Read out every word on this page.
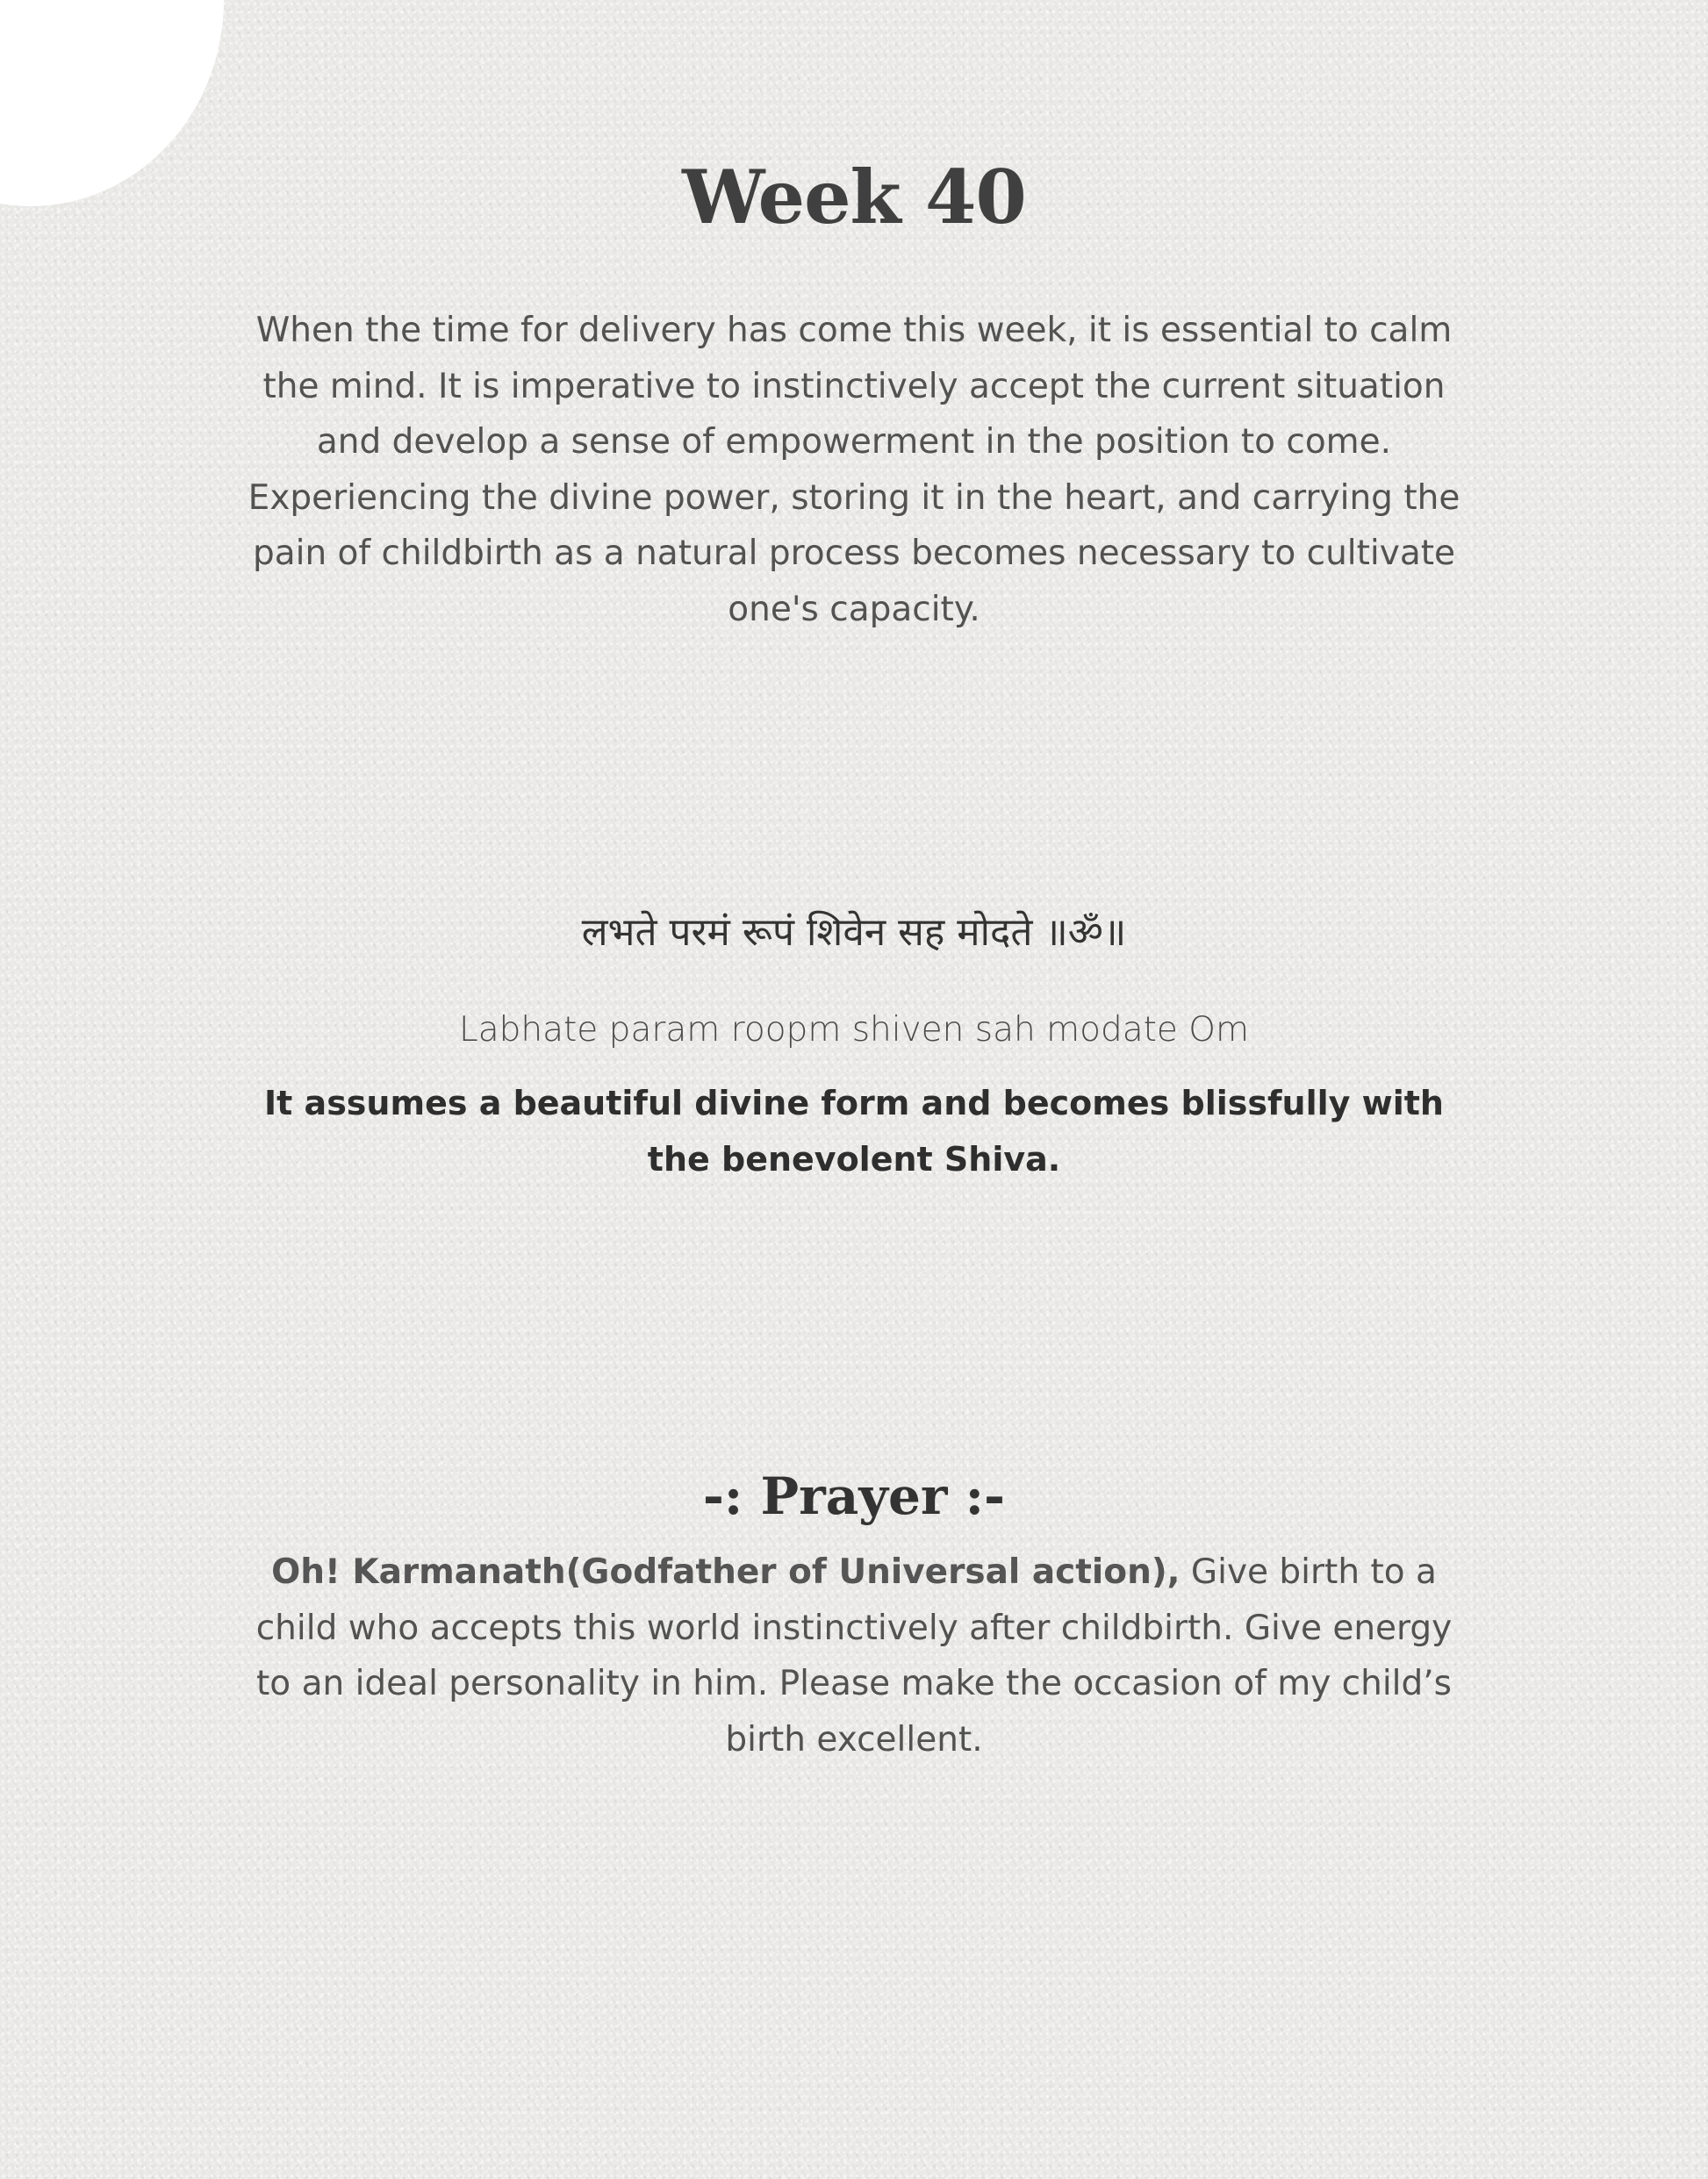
Week 40

When the time for delivery has come this week, it is essential to calm the mind. It is imperative to instinctively accept the current situation and develop a sense of empowerment in the position to come. Experiencing the divine power, storing it in the heart, and carrying the pain of childbirth as a natural process becomes necessary to cultivate one's capacity.

लभते परमं रूपं शिवेन सह मोदते ॥ॐ॥

Labhate param roopm shiven sah modate Om

It assumes a beautiful divine form and becomes blissfully with the benevolent Shiva.

-: Prayer :-

Oh! Karmanath(Godfather of Universal action), Give birth to a child who accepts this world instinctively after childbirth. Give energy to an ideal personality in him. Please make the occasion of my child’s birth excellent.
